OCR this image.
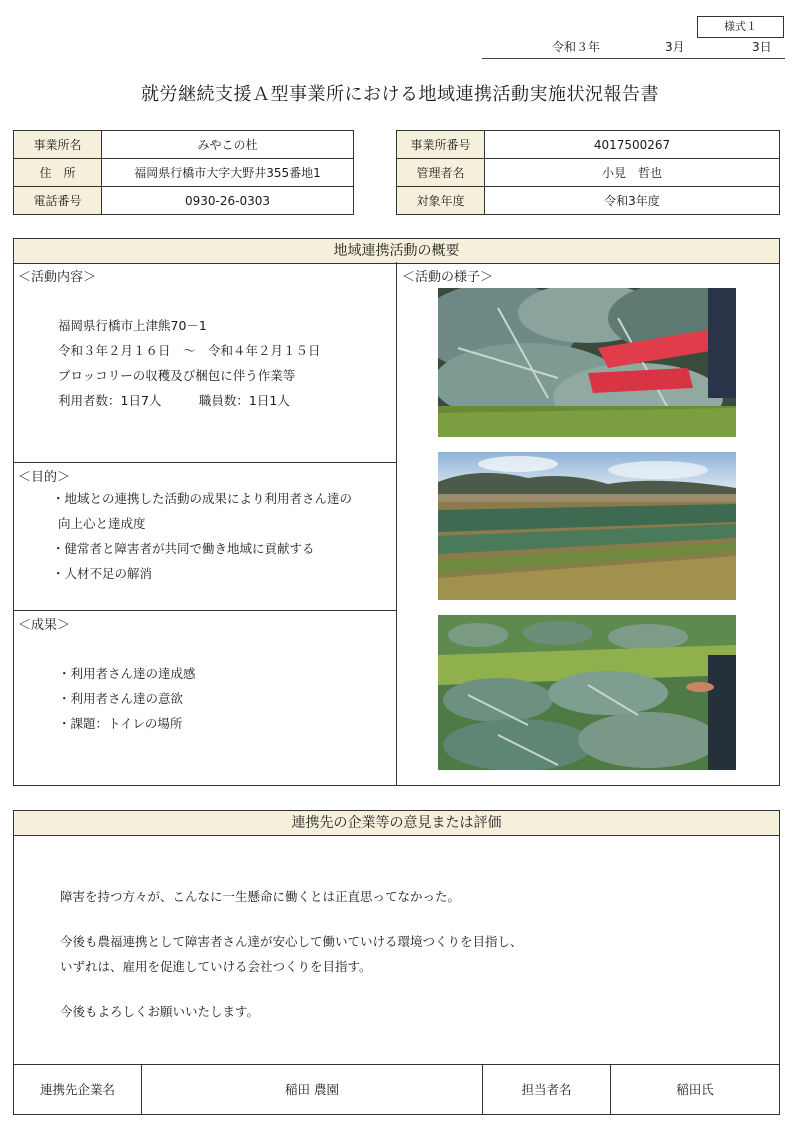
様式１
令和３年	3月	3日
就労継続支援Ａ型事業所における地域連携活動実施状況報告書
事業所名	みやこの杜
住　所	福岡県行橋市大字大野井355番地1
電話番号	0930-26-0303
事業所番号	4017500267
管理者名	小見　哲也
対象年度	令和3年度
地域連携活動の概要
＜活動内容＞
福岡県行橋市上津熊70－1
令和３年２月１６日　～　令和４年２月１５日
ブロッコリーの収穫及び梱包に伴う作業等
利用者数：1日7人　　　職員数：1日1人
＜目的＞
・地域との連携した活動の成果により利用者さん達の
向上心と達成度
・健常者と障害者が共同で働き地域に貢献する
・人材不足の解消
＜成果＞
・利用者さん達の達成感
・利用者さん達の意欲
・課題：トイレの場所
＜活動の様子＞
連携先の企業等の意見または評価
障害を持つ方々が、こんなに一生懸命に働くとは正直思ってなかった。
今後も農福連携として障害者さん達が安心して働いていける環境つくりを目指し、
いずれは、雇用を促進していける会社つくりを目指す。
今後もよろしくお願いいたします。
連携先企業名	稲田 農園	担当者名	稲田氏
